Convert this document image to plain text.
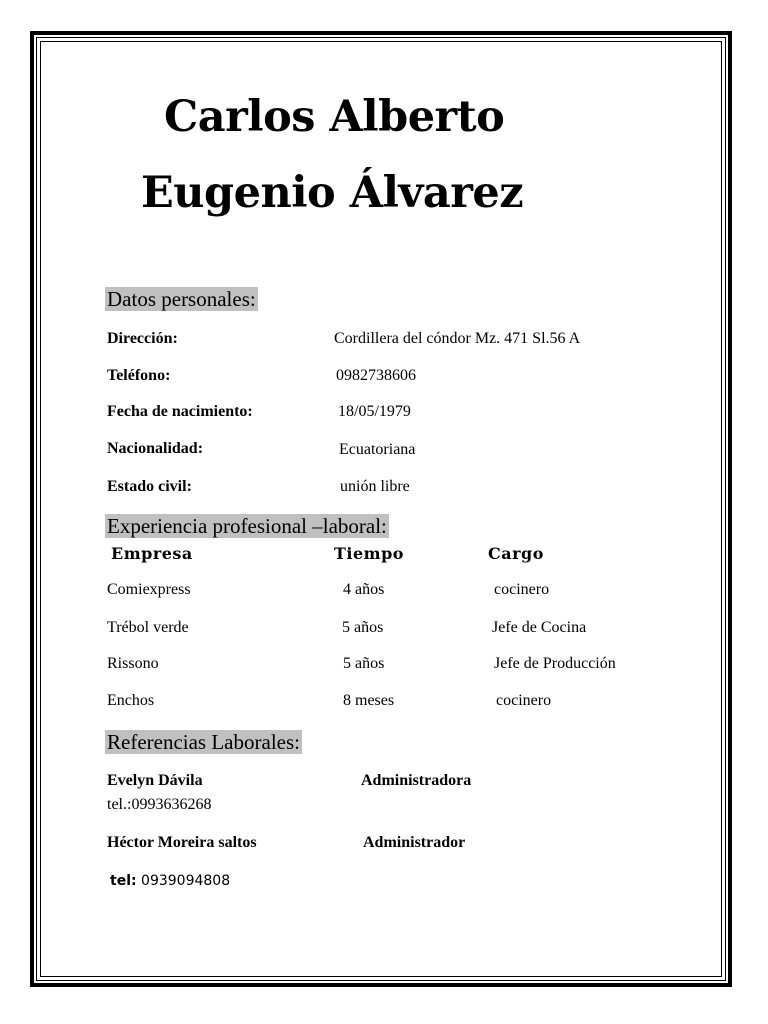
Carlos Alberto
Eugenio Álvarez
Datos personales:
Dirección:	Cordillera del cóndor Mz. 471 Sl.56 A
Teléfono:	0982738606
Fecha de nacimiento:	18/05/1979
Nacionalidad:	Ecuatoriana
Estado civil:	unión libre
Experiencia profesional –laboral:
Empresa	Tiempo	Cargo
Comiexpress	4 años	cocinero
Trébol verde	5 años	Jefe de Cocina
Rissono	5 años	Jefe de Producción
Enchos	8 meses	cocinero
Referencias Laborales:
Evelyn Dávila	Administradora
tel.:0993636268
Héctor Moreira saltos	Administrador
tel: 0939094808
